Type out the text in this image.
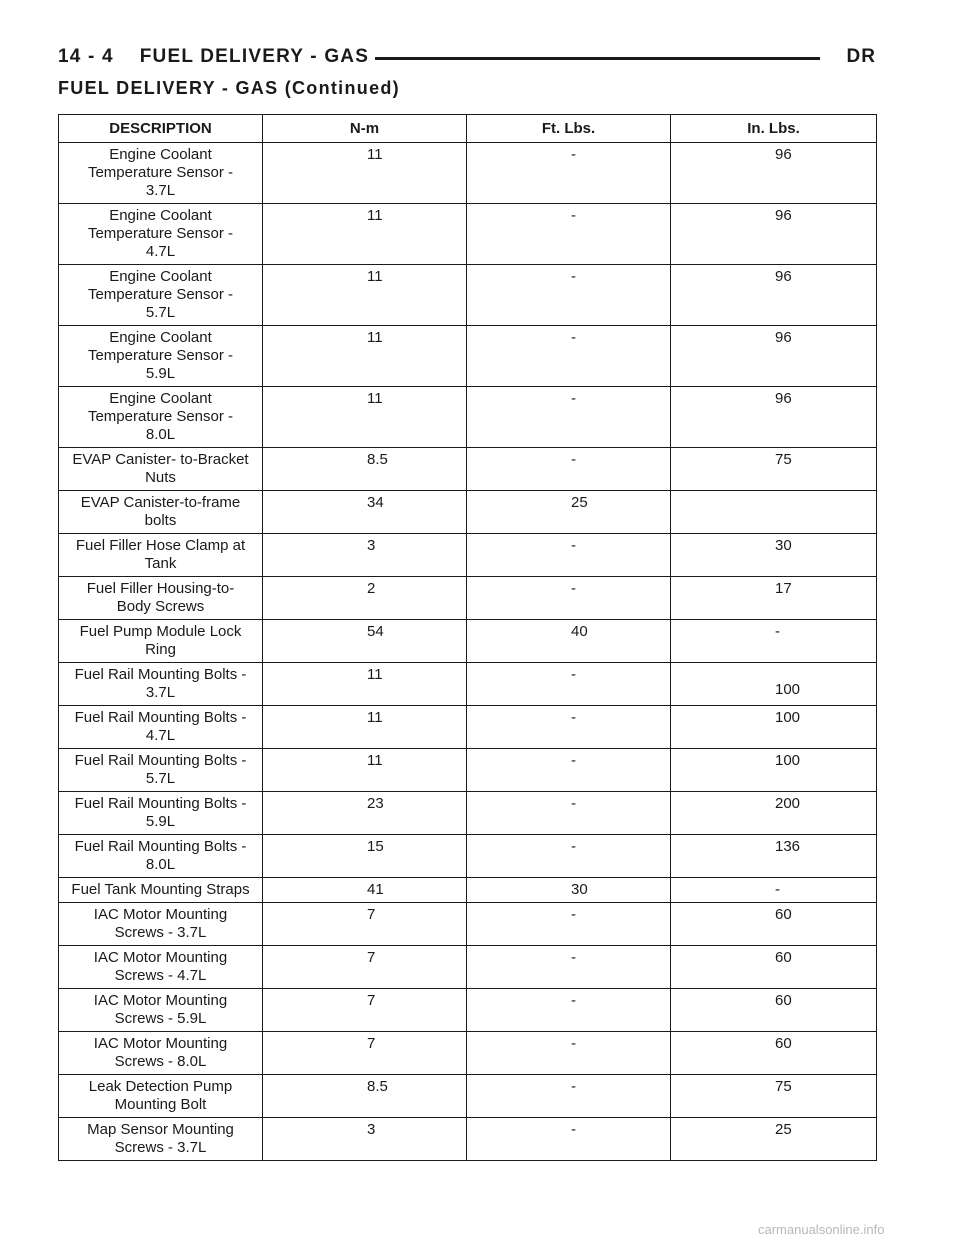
14 - 4 FUEL DELIVERY - GAS	DR
FUEL DELIVERY - GAS (Continued)
DESCRIPTION	N-m	Ft. Lbs.	In. Lbs.

Engine Coolant
Temperature Sensor -
3.7L	11	-	96

Engine Coolant
Temperature Sensor -
4.7L	11	-	96

Engine Coolant
Temperature Sensor -
5.7L	11	-	96

Engine Coolant
Temperature Sensor -
5.9L	11	-	96

Engine Coolant
Temperature Sensor -
8.0L	11	-	96

EVAP Canister- to-Bracket
Nuts	8.5	-	75

EVAP Canister-to-frame
bolts	34	25	

Fuel Filler Hose Clamp at
Tank	3	-	30

Fuel Filler Housing-to-
Body Screws	2	-	17

Fuel Pump Module Lock
Ring	54	40	-

Fuel Rail Mounting Bolts -
3.7L	11	-	100

Fuel Rail Mounting Bolts -
4.7L	11	-	100

Fuel Rail Mounting Bolts -
5.7L	11	-	100

Fuel Rail Mounting Bolts -
5.9L	23	-	200

Fuel Rail Mounting Bolts -
8.0L	15	-	136

Fuel Tank Mounting Straps	41	30	-

IAC Motor Mounting
Screws - 3.7L	7	-	60

IAC Motor Mounting
Screws - 4.7L	7	-	60

IAC Motor Mounting
Screws - 5.9L	7	-	60

IAC Motor Mounting
Screws - 8.0L	7	-	60

Leak Detection Pump
Mounting Bolt	8.5	-	75

Map Sensor Mounting
Screws - 3.7L	3	-	25
carmanualsonline.info
